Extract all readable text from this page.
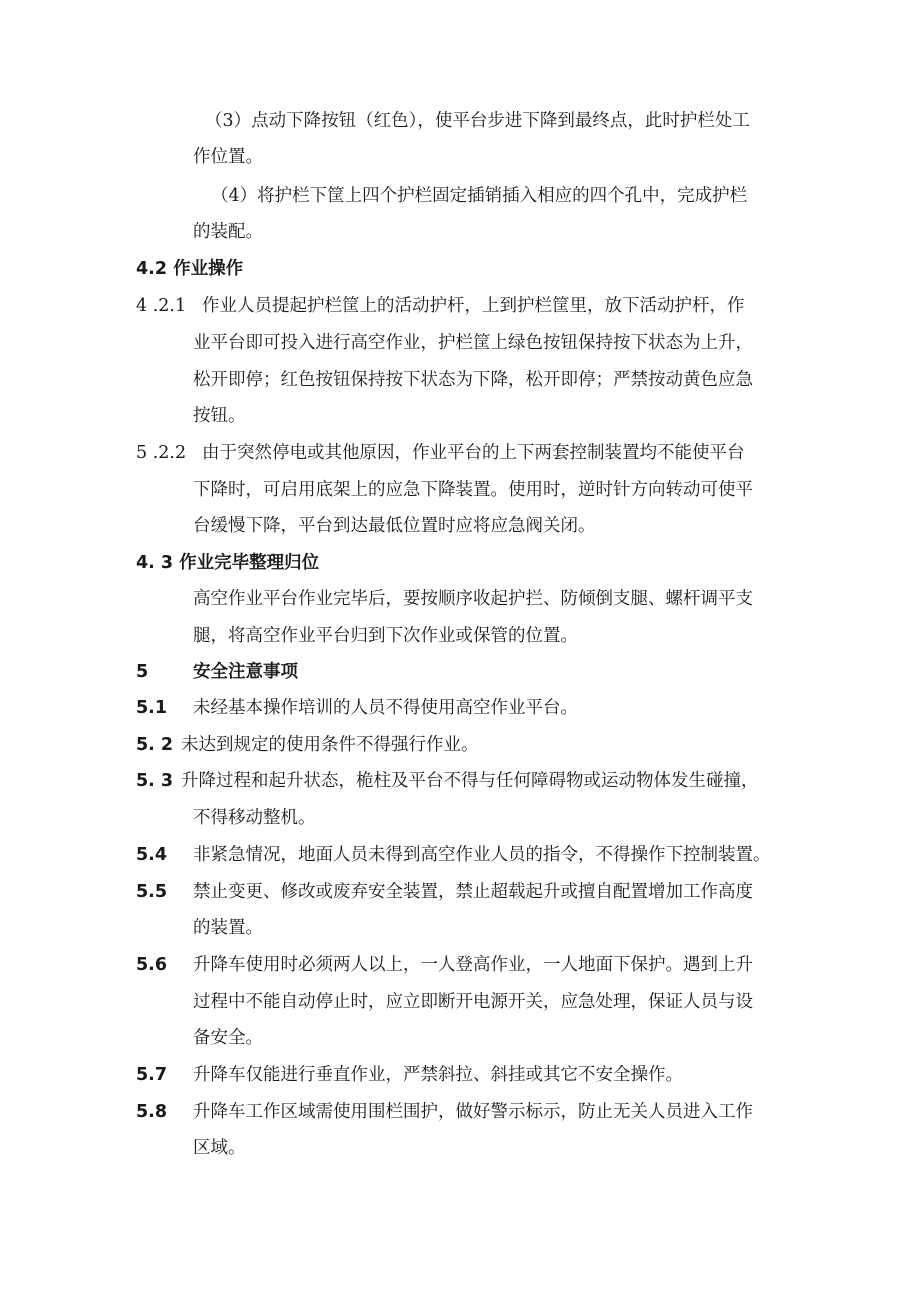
（3）点动下降按钮（红色），使平台步进下降到最终点，此时护栏处工
作位置。
（4）将护栏下筐上四个护栏固定插销插入相应的四个孔中，完成护栏
的装配。
4.2 作业操作
4 .2.1 作业人员提起护栏筐上的活动护杆，上到护栏筐里，放下活动护杆，作
业平台即可投入进行高空作业，护栏筐上绿色按钮保持按下状态为上升，
松开即停；红色按钮保持按下状态为下降，松开即停；严禁按动黄色应急
按钮。
5 .2.2 由于突然停电或其他原因，作业平台的上下两套控制装置均不能使平台
下降时，可启用底架上的应急下降装置。使用时，逆时针方向转动可使平
台缓慢下降，平台到达最低位置时应将应急阀关闭。
4. 3 作业完毕整理归位
高空作业平台作业完毕后，要按顺序收起护拦、防倾倒支腿、螺杆调平支
腿，将高空作业平台归到下次作业或保管的位置。
5	安全注意事项
5.1 未经基本操作培训的人员不得使用高空作业平台。
5. 2 未达到规定的使用条件不得强行作业。
5. 3 升降过程和起升状态，桅柱及平台不得与任何障碍物或运动物体发生碰撞，
不得移动整机。
5.4 非紧急情况，地面人员未得到高空作业人员的指令，不得操作下控制装置。
5.5 禁止变更、修改或废弃安全装置，禁止超载起升或擅自配置增加工作高度
的装置。
5.6 升降车使用时必须两人以上，一人登高作业，一人地面下保护。遇到上升
过程中不能自动停止时，应立即断开电源开关，应急处理，保证人员与设
备安全。
5.7 升降车仅能进行垂直作业，严禁斜拉、斜挂或其它不安全操作。
5.8 升降车工作区域需使用围栏围护，做好警示标示，防止无关人员进入工作
区域。
